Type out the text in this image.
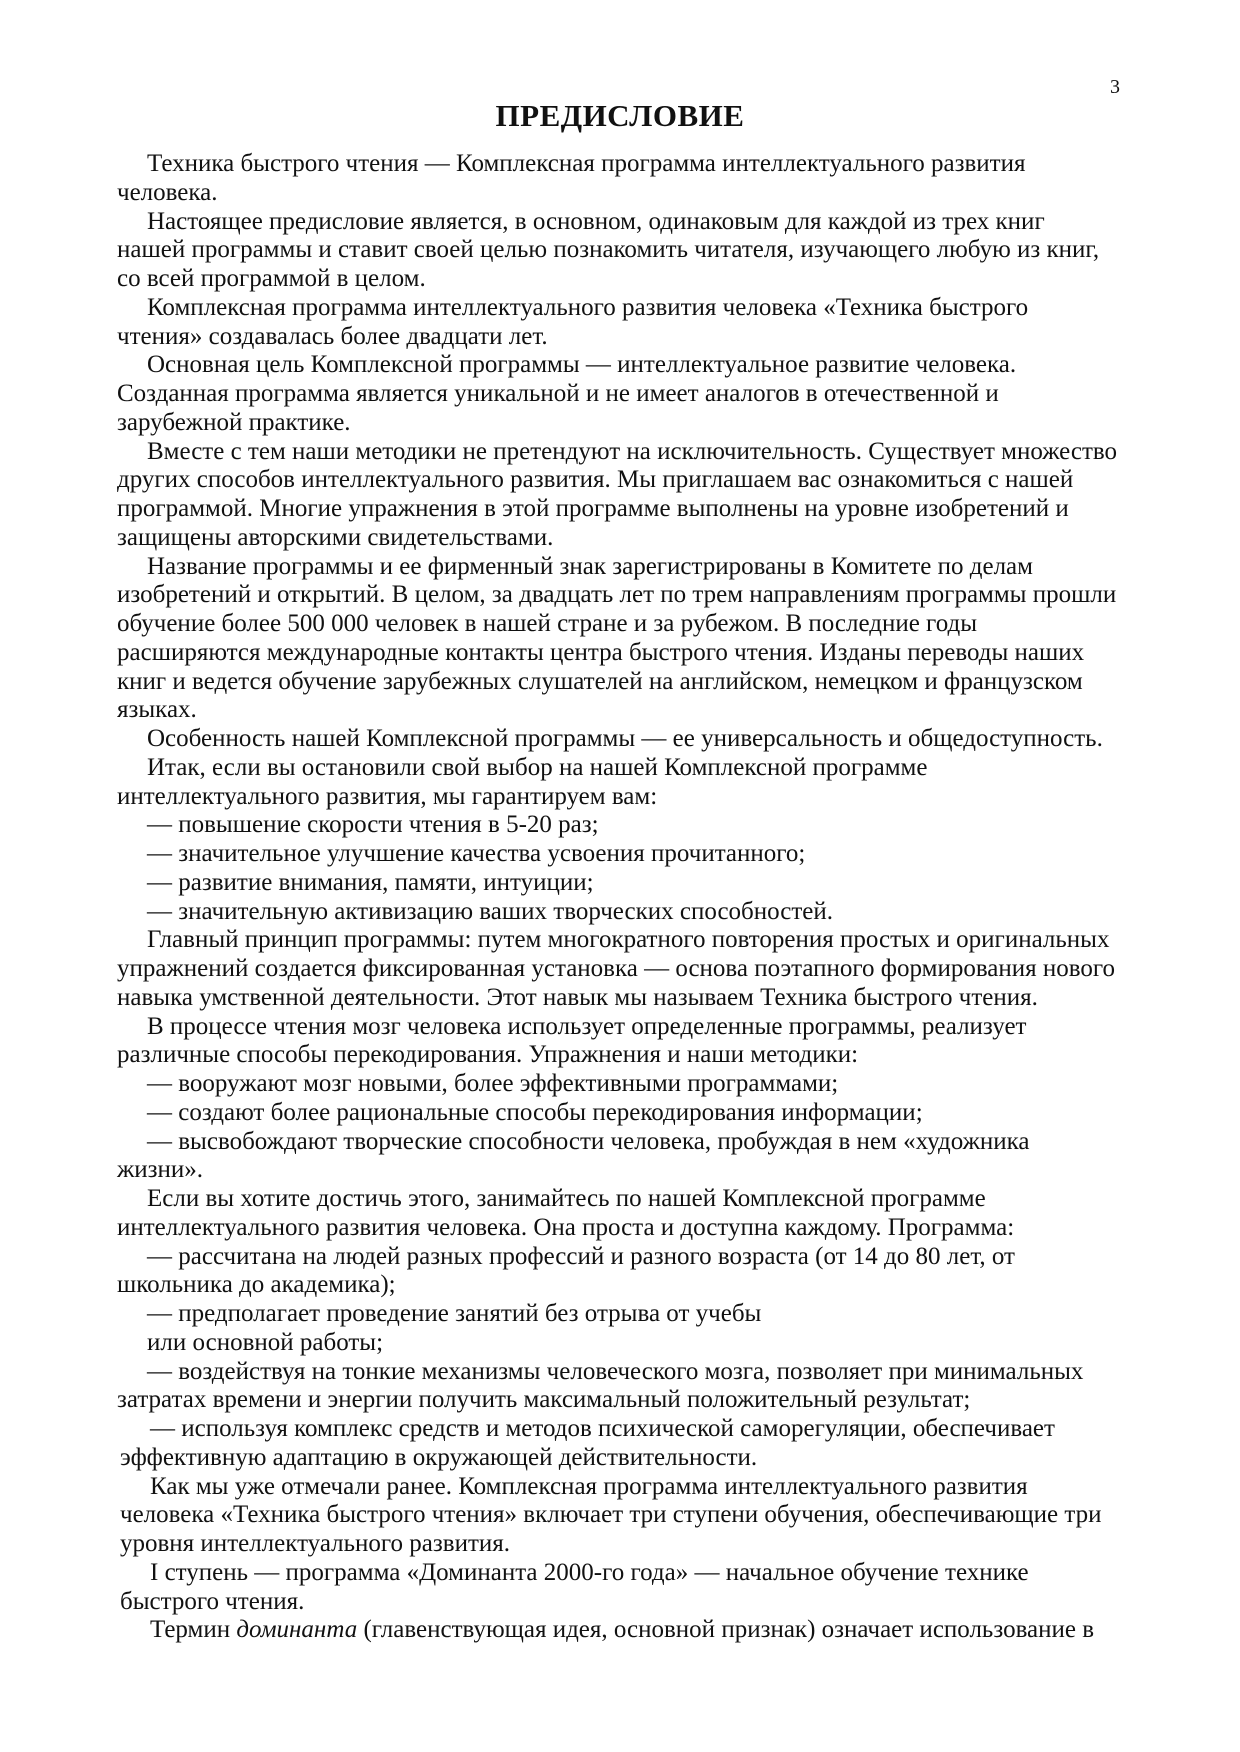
3
ПРЕДИСЛОВИЕ
Техника быстрого чтения — Комплексная программа интеллектуального развития
человека.
Настоящее предисловие является, в основном, одинаковым для каждой из трех книг
нашей программы и ставит своей целью познакомить читателя, изучающего любую из книг,
со всей программой в целом.
Комплексная программа интеллектуального развития человека «Техника быстрого
чтения» создавалась более двадцати лет.
Основная цель Комплексной программы — интеллектуальное развитие человека.
Созданная программа является уникальной и не имеет аналогов в отечественной и
зарубежной практике.
Вместе с тем наши методики не претендуют на исключительность. Существует множество
других способов интеллектуального развития. Мы приглашаем вас ознакомиться с нашей
программой. Многие упражнения в этой программе выполнены на уровне изобретений и
защищены авторскими свидетельствами.
Название программы и ее фирменный знак зарегистрированы в Комитете по делам
изобретений и открытий. В целом, за двадцать лет по трем направлениям программы прошли
обучение более 500 000 человек в нашей стране и за рубежом. В последние годы
расширяются международные контакты центра быстрого чтения. Изданы переводы наших
книг и ведется обучение зарубежных слушателей на английском, немецком и французском
языках.
Особенность нашей Комплексной программы — ее универсальность и общедоступность.
Итак, если вы остановили свой выбор на нашей Комплексной программе
интеллектуального развития, мы гарантируем вам:
— повышение скорости чтения в 5-20 раз;
— значительное улучшение качества усвоения прочитанного;
— развитие внимания, памяти, интуиции;
— значительную активизацию ваших творческих способностей.
Главный принцип программы: путем многократного повторения простых и оригинальных
упражнений создается фиксированная установка — основа поэтапного формирования нового
навыка умственной деятельности. Этот навык мы называем Техника быстрого чтения.
В процессе чтения мозг человека использует определенные программы, реализует
различные способы перекодирования. Упражнения и наши методики:
— вооружают мозг новыми, более эффективными программами;
— создают более рациональные способы перекодирования информации;
— высвобождают творческие способности человека, пробуждая в нем «художника
жизни».
Если вы хотите достичь этого, занимайтесь по нашей Комплексной программе
интеллектуального развития человека. Она проста и доступна каждому. Программа:
— рассчитана на людей разных профессий и разного возраста (от 14 до 80 лет, от
школьника до академика);
— предполагает проведение занятий без отрыва от учебы
или основной работы;
— воздействуя на тонкие механизмы человеческого мозга, позволяет при минимальных
затратах времени и энергии получить максимальный положительный результат;
— используя комплекс средств и методов психической саморегуляции, обеспечивает
эффективную адаптацию в окружающей действительности.
Как мы уже отмечали ранее. Комплексная программа интеллектуального развития
человека «Техника быстрого чтения» включает три ступени обучения, обеспечивающие три
уровня интеллектуального развития.
I ступень — программа «Доминанта 2000-го года» — начальное обучение технике
быстрого чтения.
Термин доминанта (главенствующая идея, основной признак) означает использование в
